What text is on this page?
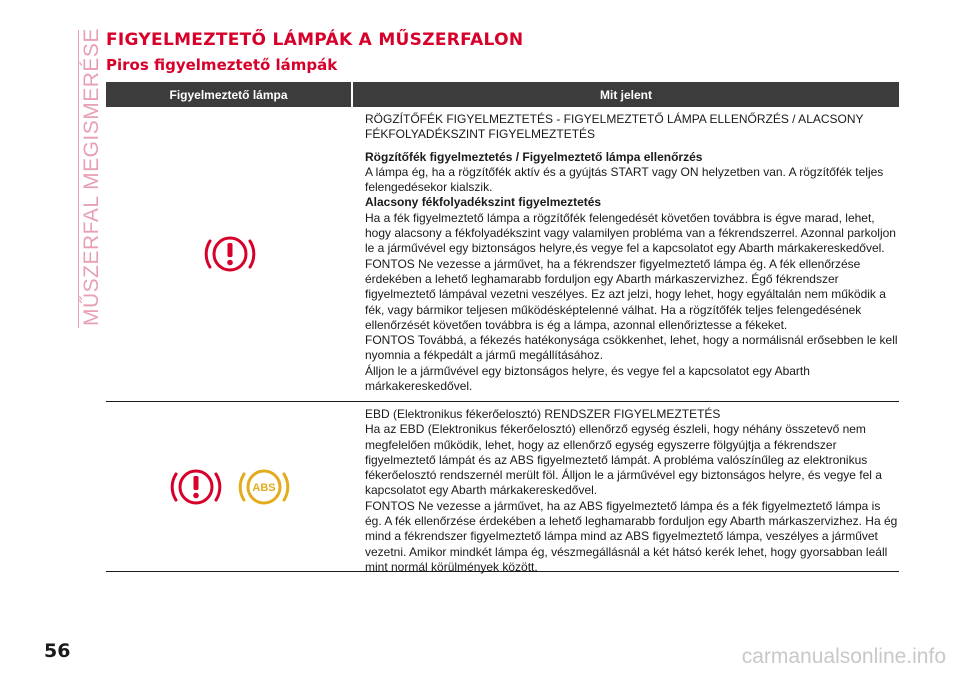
MŰSZERFAL MEGISMERÉSE FIGYELMEZTETŐ LÁMPÁK A MŰSZERFALON
Piros figyelmeztető lámpák
Figyelmeztető lámpa	Mit jelent

RÖGZÍTŐFÉK FIGYELMEZTETÉS - FIGYELMEZTETŐ LÁMPA ELLENŐRZÉS / ALACSONY FÉKFOLYADÉKSZINT FIGYELMEZTETÉS

Rögzítőfék figyelmeztetés / Figyelmeztető lámpa ellenőrzés

A lámpa ég, ha a rögzítőfék aktív és a gyújtás START vagy ON helyzetben van. A rögzítőfék teljes felengedésekor kialszik.

Alacsony fékfolyadékszint figyelmeztetés

Ha a fék figyelmeztető lámpa a rögzítőfék felengedését követően továbbra is égve marad, lehet, hogy alacsony a fékfolyadékszint vagy valamilyen probléma van a fékrendszerrel. Azonnal parkoljon le a járművével egy biztonságos helyre,és vegye fel a kapcsolatot egy Abarth márkakereskedővel.

FONTOS Ne vezesse a járművet, ha a fékrendszer figyelmeztető lámpa ég. A fék ellenőrzése érdekében a lehető leghamarabb forduljon egy Abarth márkaszervizhez. Égő fékrendszer figyelmeztető lámpával vezetni veszélyes. Ez azt jelzi, hogy lehet, hogy egyáltalán nem működik a fék, vagy bármikor teljesen működésképtelenné válhat. Ha a rögzítőfék teljes felengedésének ellenőrzését követően továbbra is ég a lámpa, azonnal ellenőriztesse a fékeket.

FONTOS Továbbá, a fékezés hatékonysága csökkenhet, lehet, hogy a normálisnál erősebben le kell nyomnia a fékpedált a jármű megállításához.

Álljon le a járművével egy biztonságos helyre, és vegye fel a kapcsolatot egy Abarth márkakereskedővel.

ABS

EBD (Elektronikus fékerőelosztó) RENDSZER FIGYELMEZTETÉS

Ha az EBD (Elektronikus fékerőelosztó) ellenőrző egység észleli, hogy néhány összetevő nem megfelelően működik, lehet, hogy az ellenőrző egység egyszerre fölgyújtja a fékrendszer figyelmeztető lámpát és az ABS figyelmeztető lámpát. A probléma valószínűleg az elektronikus fékerőelosztó rendszernél merült föl. Álljon le a járművével egy biztonságos helyre, és vegye fel a kapcsolatot egy Abarth márkakereskedővel.

FONTOS Ne vezesse a járművet, ha az ABS figyelmeztető lámpa és a fék figyelmeztető lámpa is ég. A fék ellenőrzése érdekében a lehető leghamarabb forduljon egy Abarth márkaszervizhez. Ha ég mind a fékrendszer figyelmeztető lámpa mind az ABS figyelmeztető lámpa, veszélyes a járművet vezetni. Amikor mindkét lámpa ég, vészmegállásnál a két hátsó kerék lehet, hogy gyorsabban leáll mint normál körülmények között.

56	carmanualsonline.info
